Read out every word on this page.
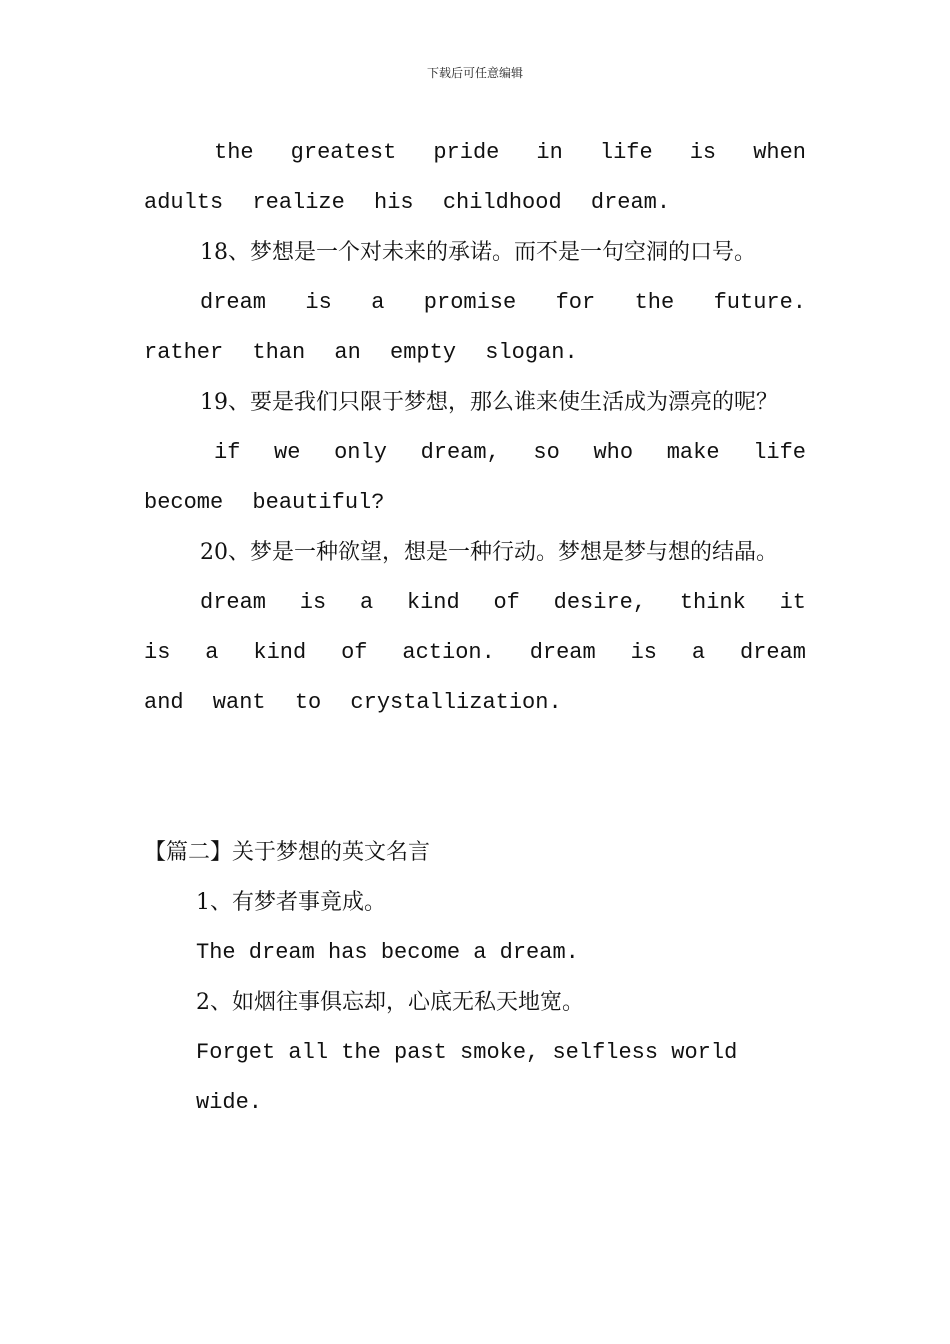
下载后可任意编辑

the greatest pride in life is when adults realize his childhood dream.

18、梦想是一个对未来的承诺。而不是一句空洞的口号。

dream is a promise for the future. rather than an empty slogan.

19、要是我们只限于梦想，那么谁来使生活成为漂亮的呢？

if we only dream, so who make life become beautiful?

20、梦是一种欲望，想是一种行动。梦想是梦与想的结晶。

dream is a kind of desire, think it is a kind of action. dream is a dream and want to crystallization.

【篇二】关于梦想的英文名言

1、有梦者事竟成。

The dream has become a dream.

2、如烟往事俱忘却，心底无私天地宽。

Forget all the past smoke, selfless world wide.
